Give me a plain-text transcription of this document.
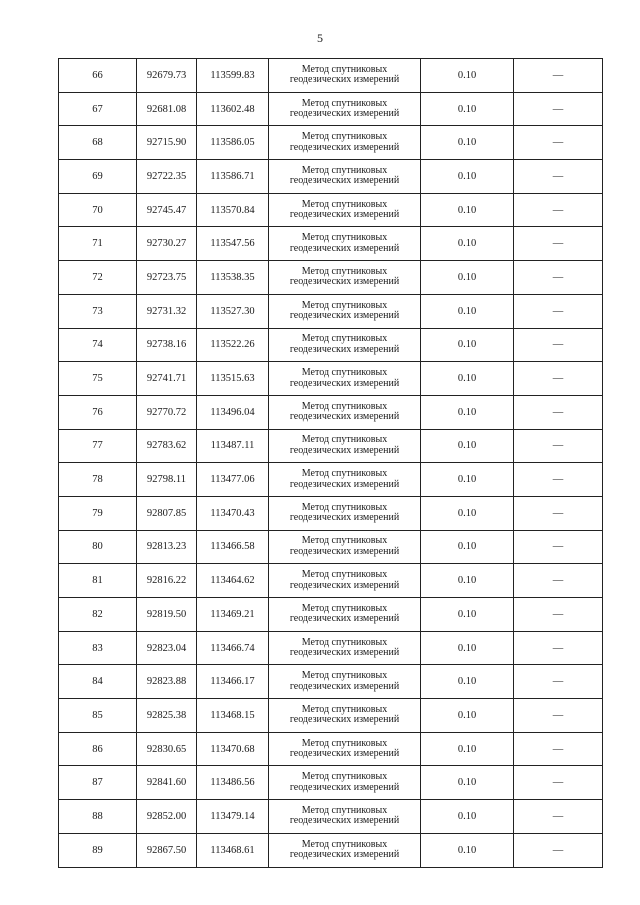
5
66	92679.73	113599.83	Метод спутниковых
геодезических измерений	0.10	—
67	92681.08	113602.48	Метод спутниковых
геодезических измерений	0.10	—
68	92715.90	113586.05	Метод спутниковых
геодезических измерений	0.10	—
69	92722.35	113586.71	Метод спутниковых
геодезических измерений	0.10	—
70	92745.47	113570.84	Метод спутниковых
геодезических измерений	0.10	—
71	92730.27	113547.56	Метод спутниковых
геодезических измерений	0.10	—
72	92723.75	113538.35	Метод спутниковых
геодезических измерений	0.10	—
73	92731.32	113527.30	Метод спутниковых
геодезических измерений	0.10	—
74	92738.16	113522.26	Метод спутниковых
геодезических измерений	0.10	—
75	92741.71	113515.63	Метод спутниковых
геодезических измерений	0.10	—
76	92770.72	113496.04	Метод спутниковых
геодезических измерений	0.10	—
77	92783.62	113487.11	Метод спутниковых
геодезических измерений	0.10	—
78	92798.11	113477.06	Метод спутниковых
геодезических измерений	0.10	—
79	92807.85	113470.43	Метод спутниковых
геодезических измерений	0.10	—
80	92813.23	113466.58	Метод спутниковых
геодезических измерений	0.10	—
81	92816.22	113464.62	Метод спутниковых
геодезических измерений	0.10	—
82	92819.50	113469.21	Метод спутниковых
геодезических измерений	0.10	—
83	92823.04	113466.74	Метод спутниковых
геодезических измерений	0.10	—
84	92823.88	113466.17	Метод спутниковых
геодезических измерений	0.10	—
85	92825.38	113468.15	Метод спутниковых
геодезических измерений	0.10	—
86	92830.65	113470.68	Метод спутниковых
геодезических измерений	0.10	—
87	92841.60	113486.56	Метод спутниковых
геодезических измерений	0.10	—
88	92852.00	113479.14	Метод спутниковых
геодезических измерений	0.10	—
89	92867.50	113468.61	Метод спутниковых
геодезических измерений	0.10	—
